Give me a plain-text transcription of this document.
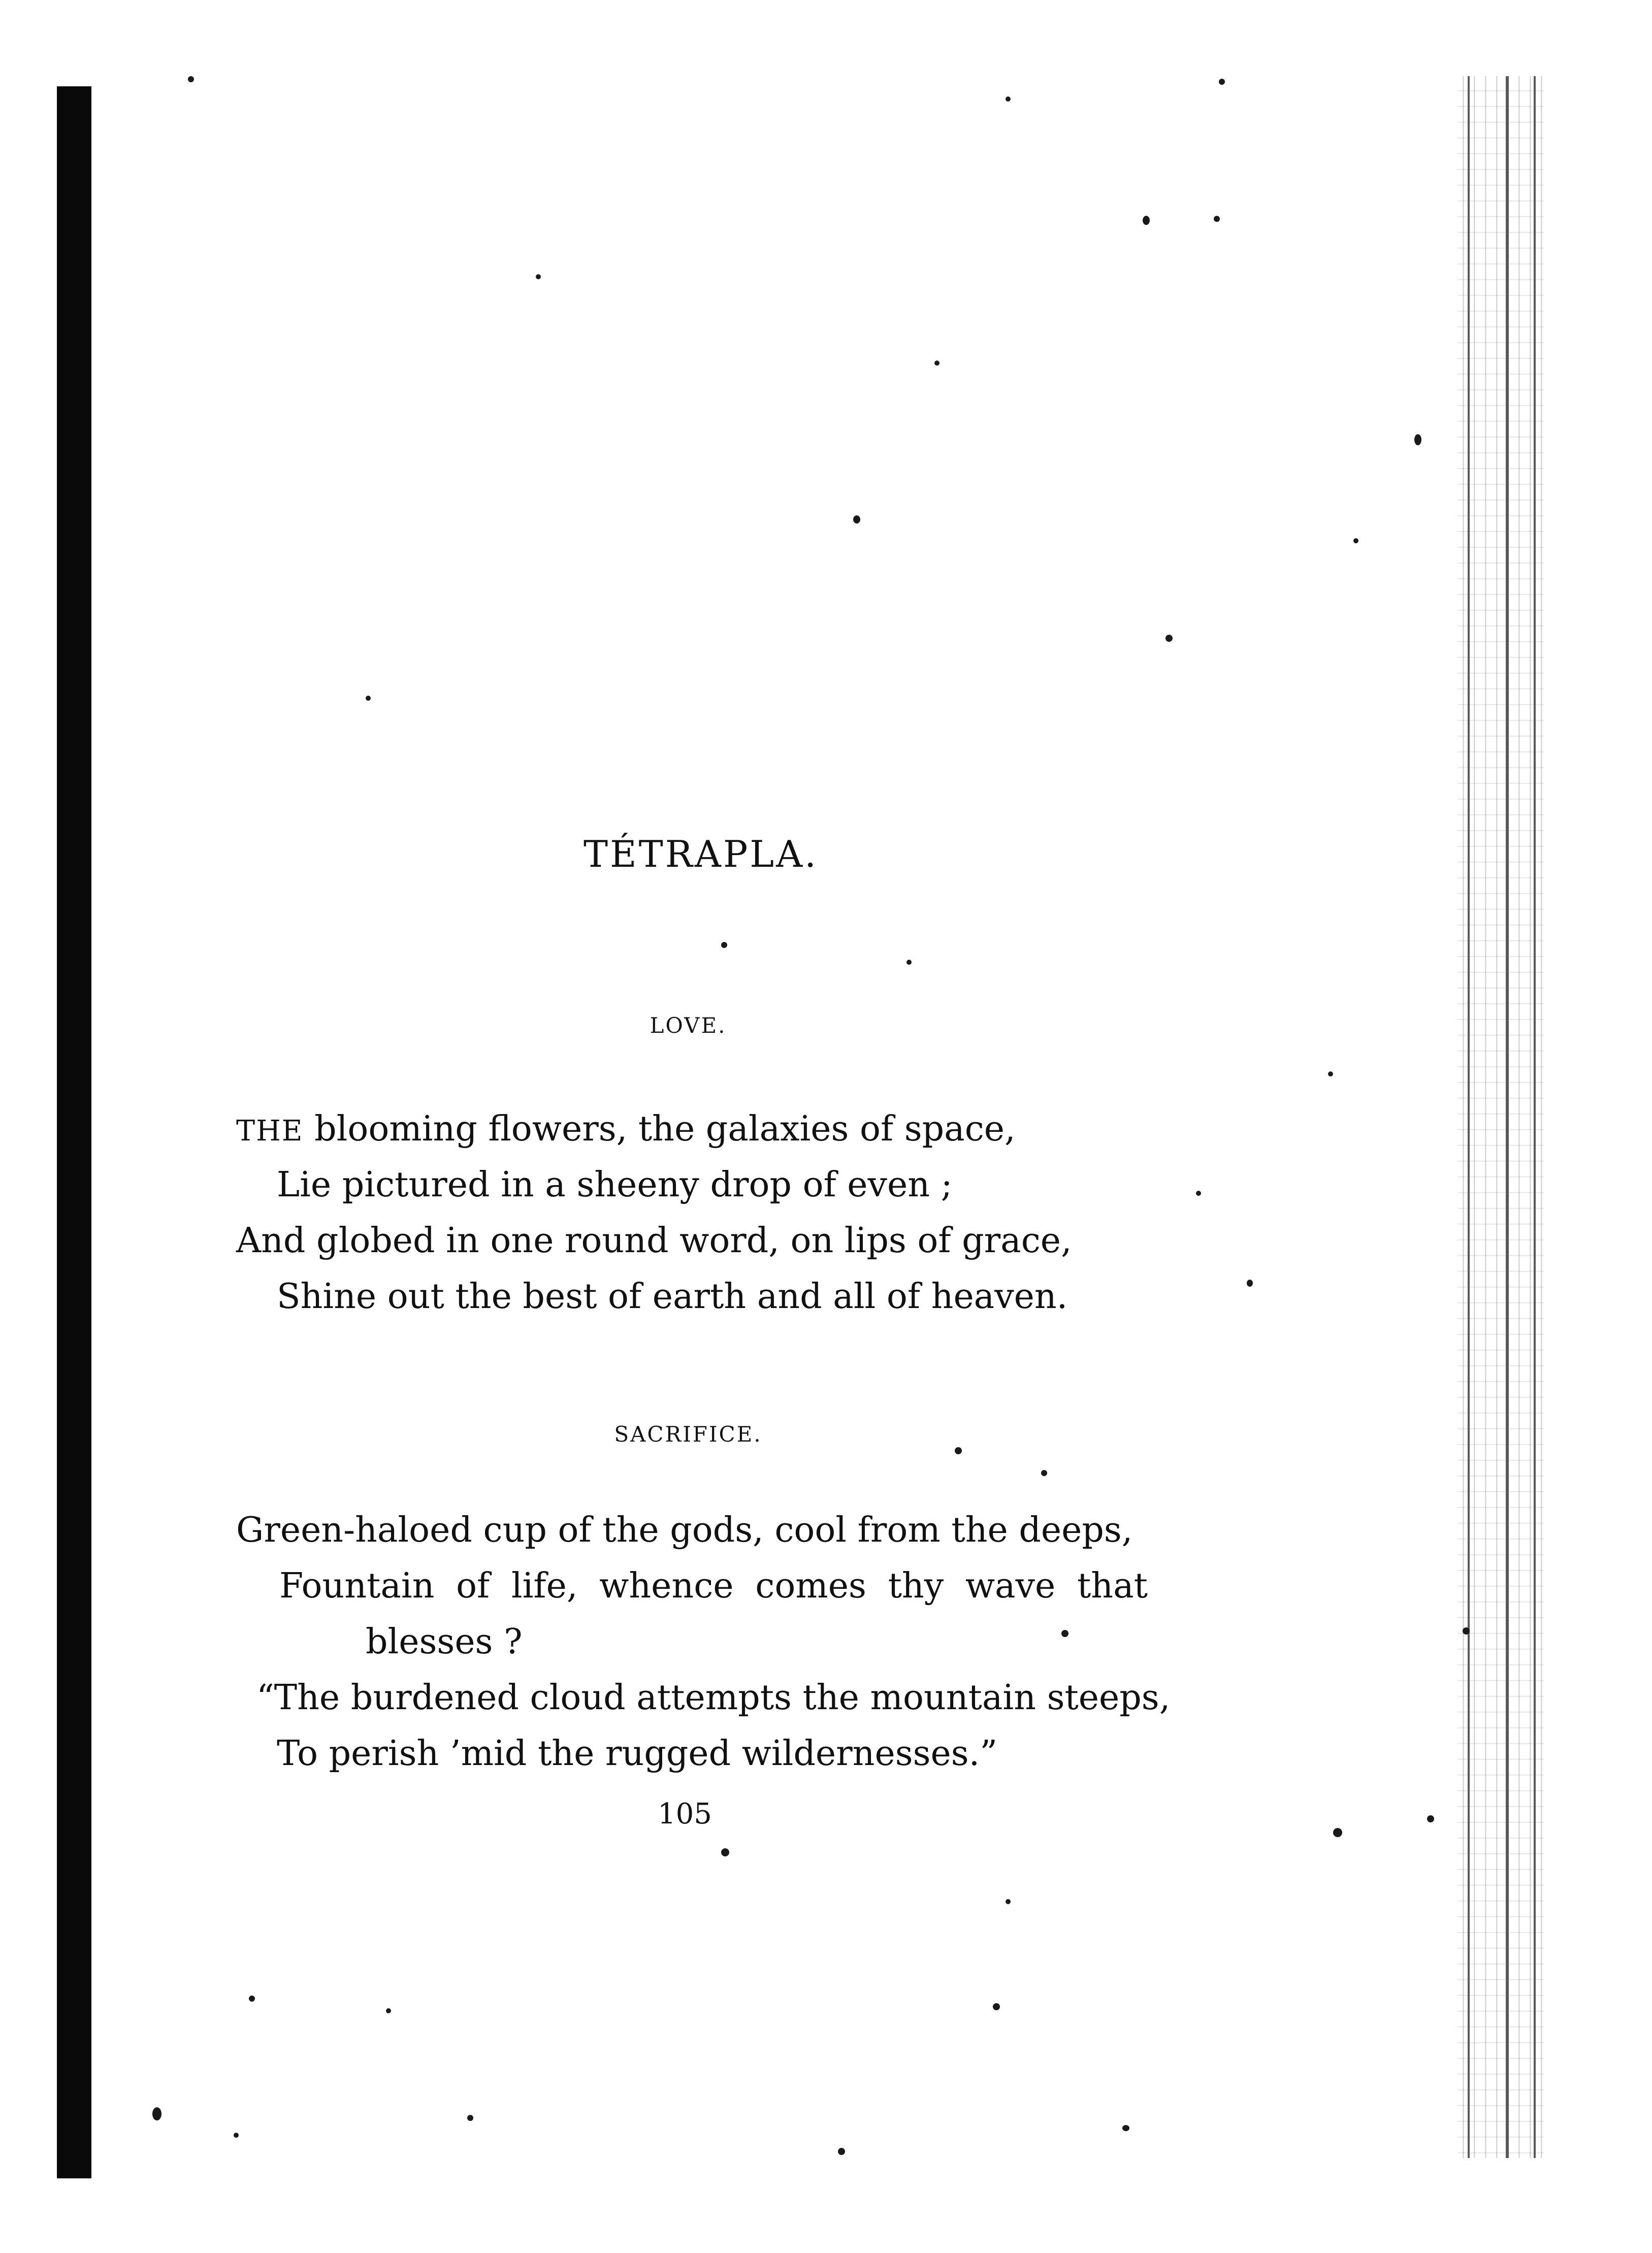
TÉTRAPLA.
LOVE.
THE blooming flowers, the galaxies of space,
Lie pictured in a sheeny drop of even ;
And globed in one round word, on lips of grace,
Shine out the best of earth and all of heaven.
SACRIFICE.
Green-haloed cup of the gods, cool from the deeps,
Fountain of life, whence comes thy wave that
blesses ?
“The burdened cloud attempts the mountain steeps,
To perish ’mid the rugged wildernesses.”
105
